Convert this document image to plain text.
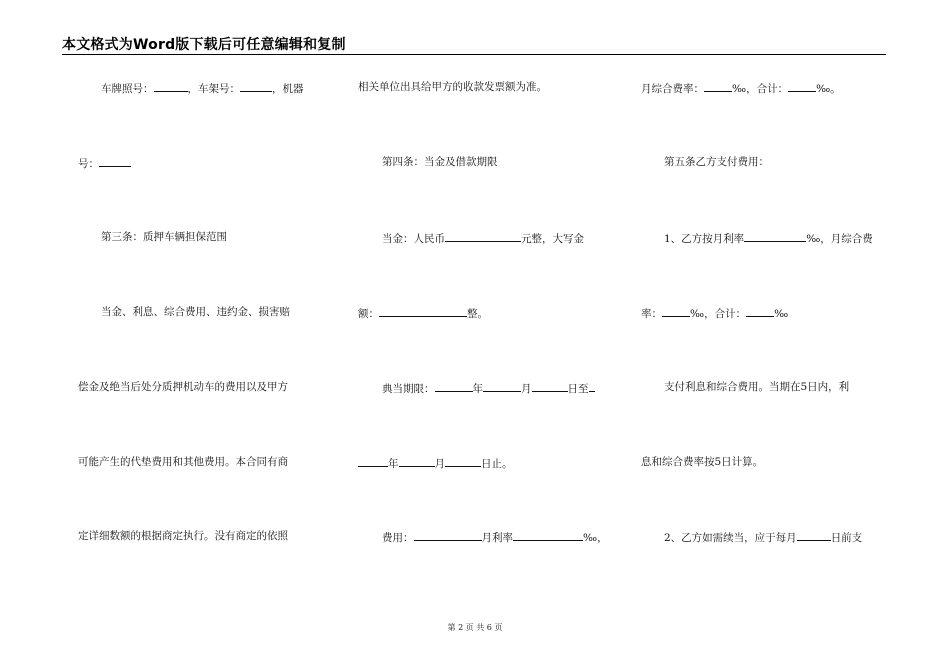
本文格式为Word版下载后可任意编辑和复制
车牌照号：	，车架号：	，机器
号：
第三条：质押车辆担保范围
当金、利息、综合费用、违约金、损害赔
偿金及绝当后处分质押机动车的费用以及甲方
可能产生的代垫费用和其他费用。本合同有商
定详细数额的根据商定执行。没有商定的依照
相关单位出具给甲方的收款发票额为准。
第四条：当金及借款期限
当金：人民币	元整，大写金
额：	整。
典当期限：	年	月	日至
年	月	日止。
费用：	月利率	‰，
月综合费率：	‰，合计：	‰。
第五条乙方支付费用：
1、乙方按月利率	‰，月综合费
率：	‰，合计：	‰
支付利息和综合费用。当期在5日内，利
息和综合费率按5日计算。
2、乙方如需续当，应于每月	日前支
第 2 页 共 6 页
